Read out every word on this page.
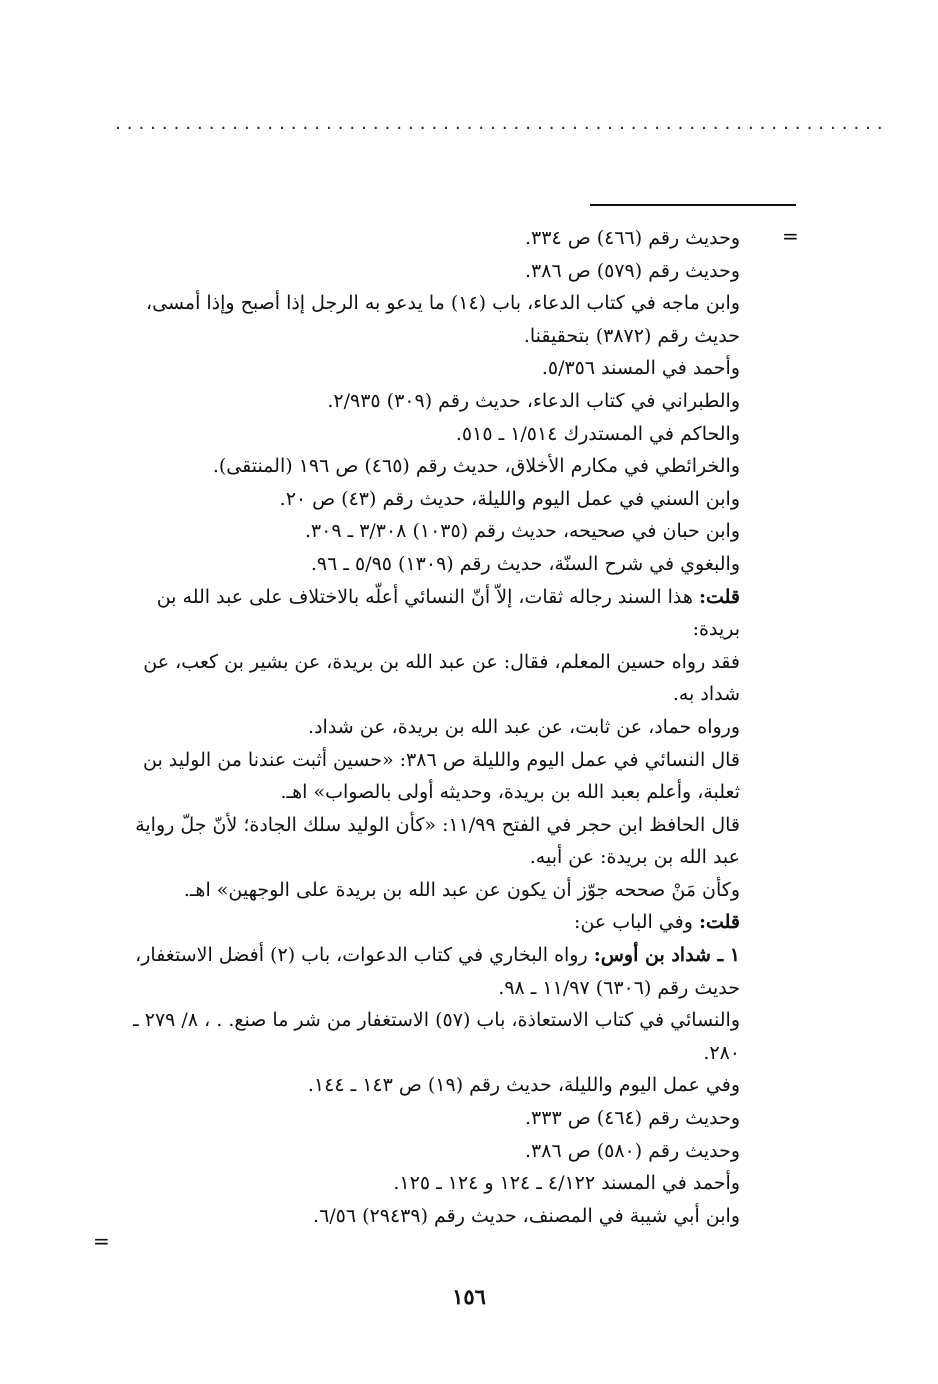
··································································
=
وحديث رقم (٤٦٦) ص ٣٣٤.
وحديث رقم (٥٧٩) ص ٣٨٦.
وابن ماجه في كتاب الدعاء، باب (١٤) ما يدعو به الرجل إذا أصبح وإذا أمسى،
حديث رقم (٣٨٧٢) بتحقيقنا.
وأحمد في المسند ٥/٣٥٦.
والطبراني في كتاب الدعاء، حديث رقم (٣٠٩) ٢/٩٣٥.
والحاكم في المستدرك ١/٥١٤ ـ ٥١٥.
والخرائطي في مكارم الأخلاق، حديث رقم (٤٦٥) ص ١٩٦ (المنتقى).
وابن السني في عمل اليوم والليلة، حديث رقم (٤٣) ص ٢٠.
وابن حبان في صحيحه، حديث رقم (١٠٣٥) ٣/٣٠٨ ـ ٣٠٩.
والبغوي في شرح السنّة، حديث رقم (١٣٠٩) ٥/٩٥ ـ ٩٦.
قلت: هذا السند رجاله ثقات، إلاّ أنّ النسائي أعلّه بالاختلاف على عبد الله بن
بريدة:
فقد رواه حسين المعلم، فقال: عن عبد الله بن بريدة، عن بشير بن كعب، عن
شداد به.
ورواه حماد، عن ثابت، عن عبد الله بن بريدة، عن شداد.
قال النسائي في عمل اليوم والليلة ص ٣٨٦: «حسين أثبت عندنا من الوليد بن
ثعلبة، وأعلم بعبد الله بن بريدة، وحديثه أولى بالصواب» اهـ.
قال الحافظ ابن حجر في الفتح ١١/٩٩: «كأن الوليد سلك الجادة؛ لأنّ جلّ رواية
عبد الله بن بريدة: عن أبيه.
وكأن مَنْ صححه جوّز أن يكون عن عبد الله بن بريدة على الوجهين» اهـ.
قلت: وفي الباب عن:
١ ـ شداد بن أوس: رواه البخاري في كتاب الدعوات، باب (٢) أفضل الاستغفار،
حديث رقم (٦٣٠٦) ١١/٩٧ ـ ٩٨.
والنسائي في كتاب الاستعاذة، باب (٥٧) الاستغفار من شر ما صنع. . ، ٨/ ٢٧٩ ـ
٢٨٠.
وفي عمل اليوم والليلة، حديث رقم (١٩) ص ١٤٣ ـ ١٤٤.
وحديث رقم (٤٦٤) ص ٣٣٣.
وحديث رقم (٥٨٠) ص ٣٨٦.
وأحمد في المسند ٤/١٢٢ ـ ١٢٤ و ١٢٤ ـ ١٢٥.
وابن أبي شيبة في المصنف، حديث رقم (٢٩٤٣٩) ٦/٥٦.
=
١٥٦
